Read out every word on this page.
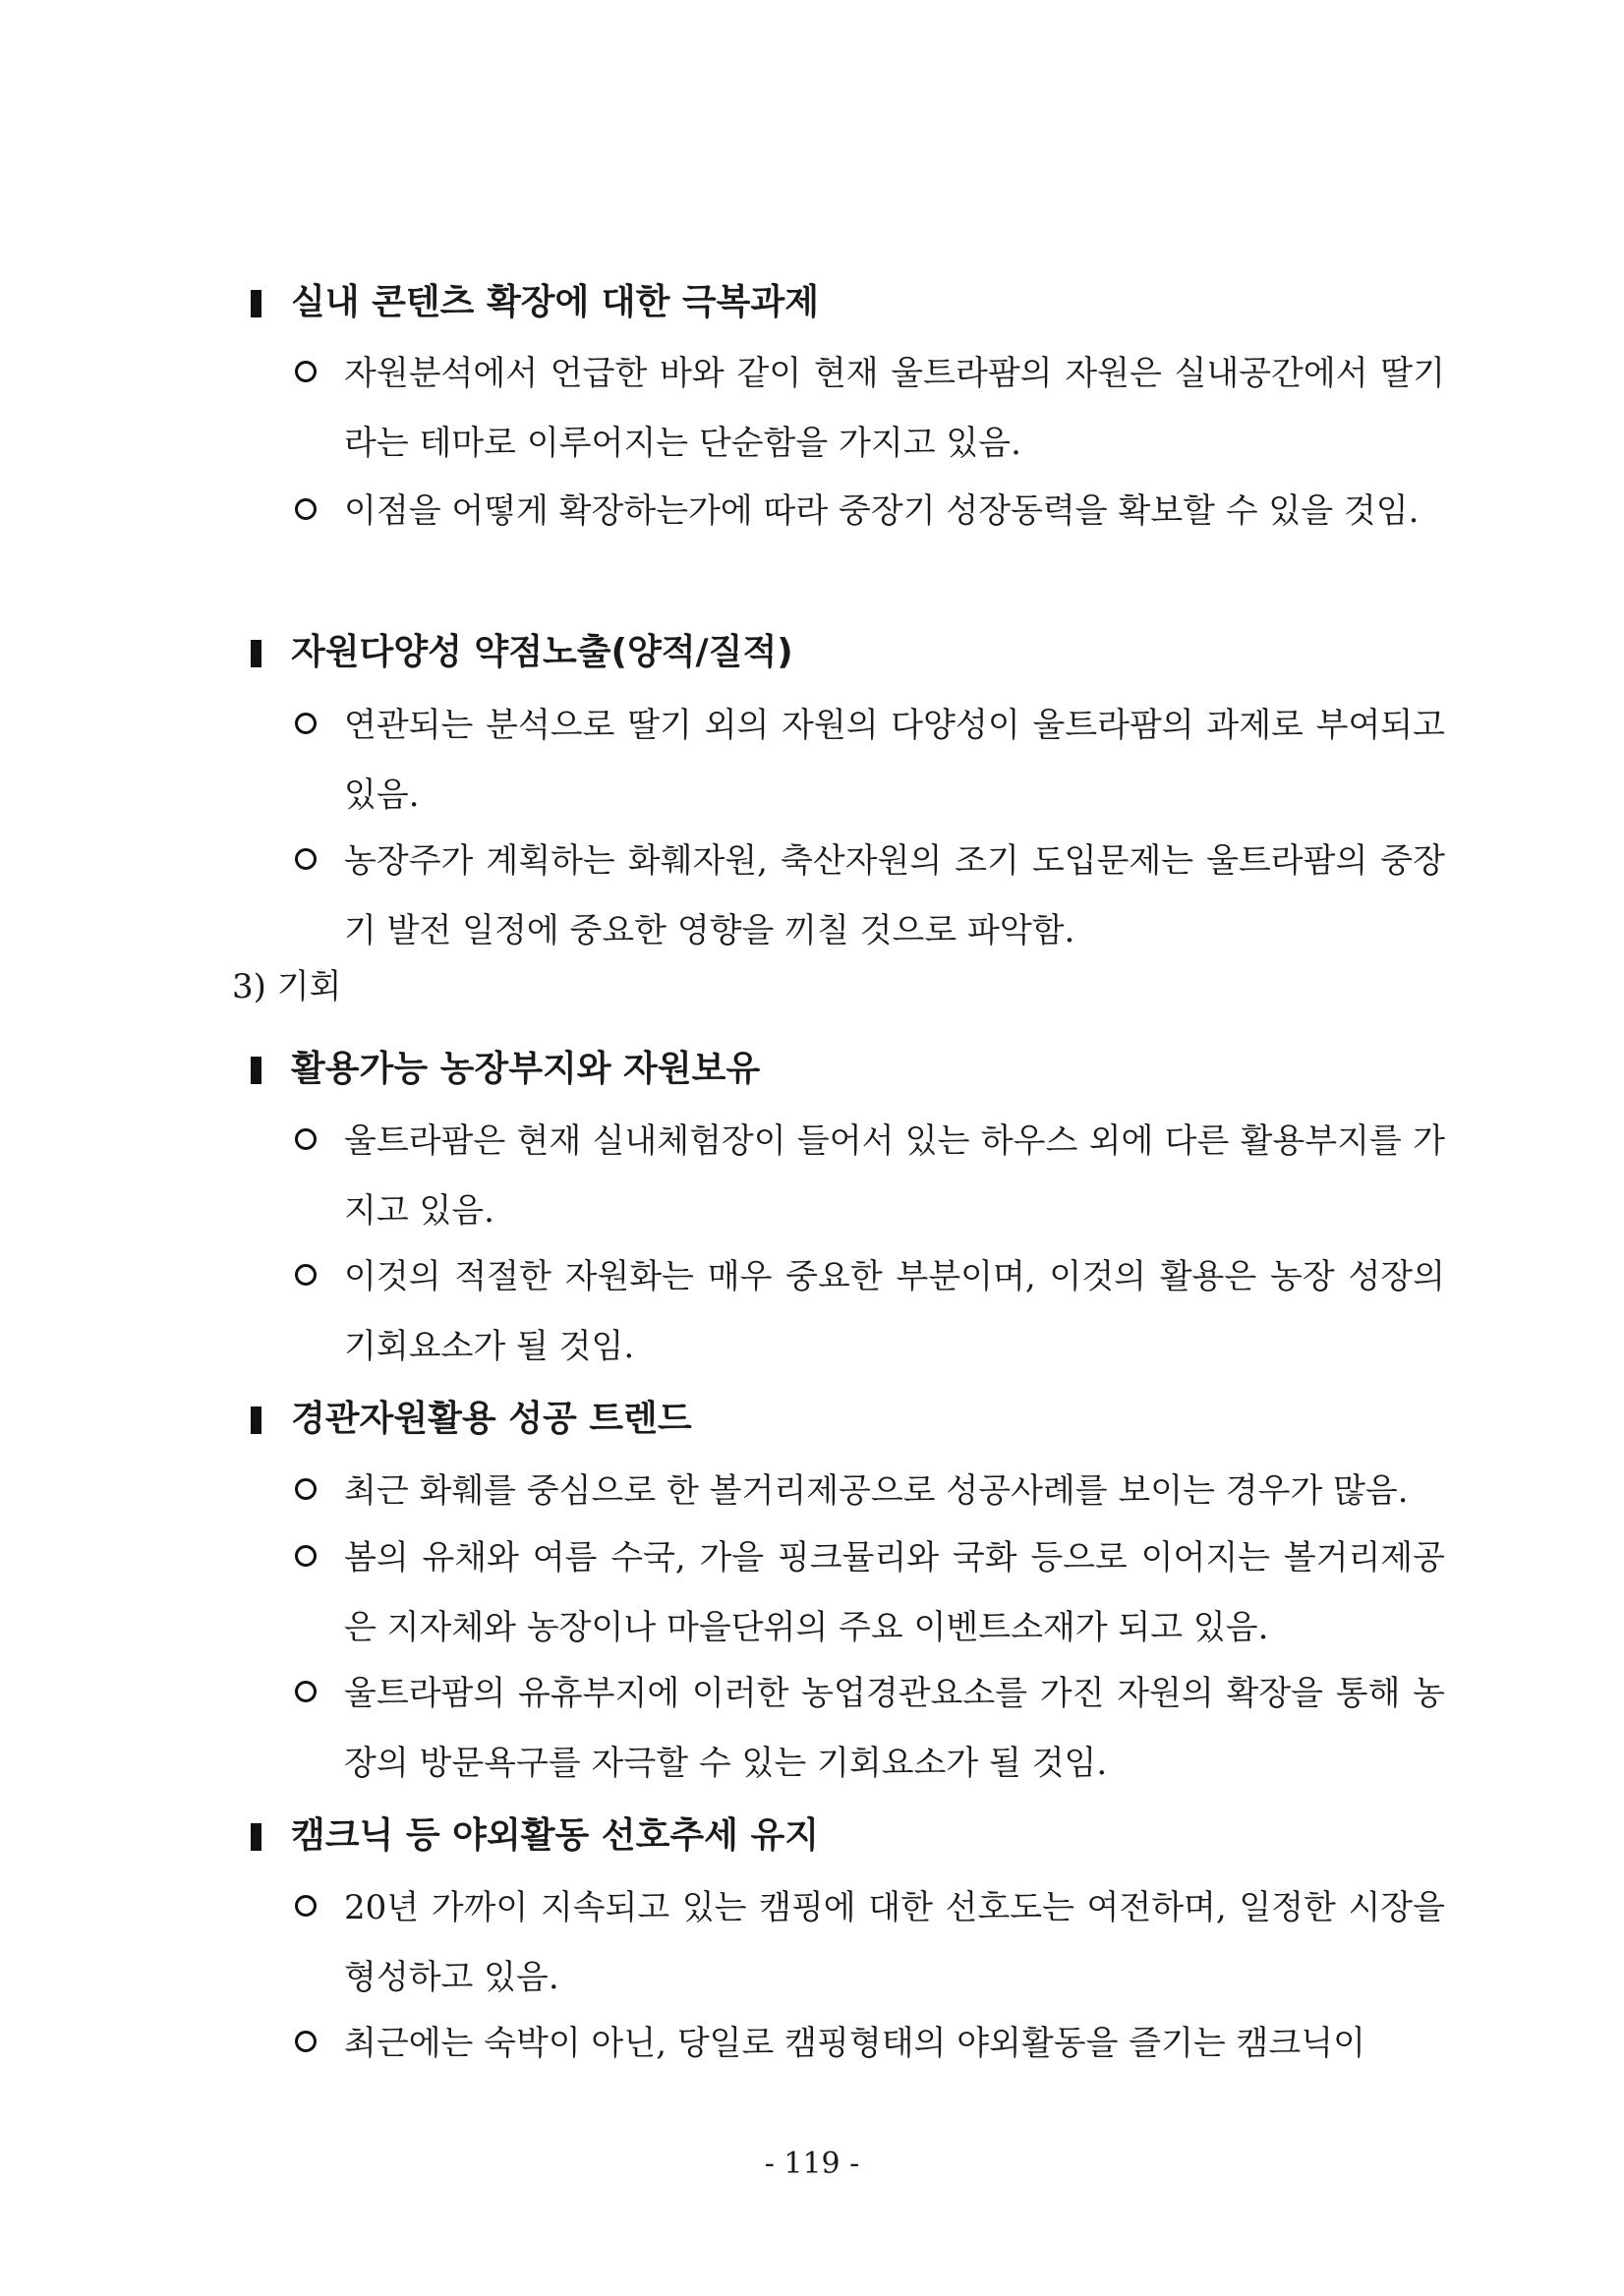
실내 콘텐츠 확장에 대한 극복과제
자원분석에서 언급한 바와 같이 현재 울트라팜의 자원은 실내공간에서 딸기라는 테마로 이루어지는 단순함을 가지고 있음.
이점을 어떻게 확장하는가에 따라 중장기 성장동력을 확보할 수 있을 것임.
자원다양성 약점노출(양적/질적)
연관되는 분석으로 딸기 외의 자원의 다양성이 울트라팜의 과제로 부여되고 있음.
농장주가 계획하는 화훼자원, 축산자원의 조기 도입문제는 울트라팜의 중장기 발전 일정에 중요한 영향을 끼칠 것으로 파악함.
3) 기회
활용가능 농장부지와 자원보유
울트라팜은 현재 실내체험장이 들어서 있는 하우스 외에 다른 활용부지를 가지고 있음.
이것의 적절한 자원화는 매우 중요한 부분이며, 이것의 활용은 농장 성장의 기회요소가 될 것임.
경관자원활용 성공 트렌드
최근 화훼를 중심으로 한 볼거리제공으로 성공사례를 보이는 경우가 많음.
봄의 유채와 여름 수국, 가을 핑크뮬리와 국화 등으로 이어지는 볼거리제공은 지자체와 농장이나 마을단위의 주요 이벤트소재가 되고 있음.
울트라팜의 유휴부지에 이러한 농업경관요소를 가진 자원의 확장을 통해 농장의 방문욕구를 자극할 수 있는 기회요소가 될 것임.
캠크닉 등 야외활동 선호추세 유지
20년 가까이 지속되고 있는 캠핑에 대한 선호도는 여전하며, 일정한 시장을 형성하고 있음.
최근에는 숙박이 아닌, 당일로 캠핑형태의 야외활동을 즐기는 캠크닉이
- 119 -
